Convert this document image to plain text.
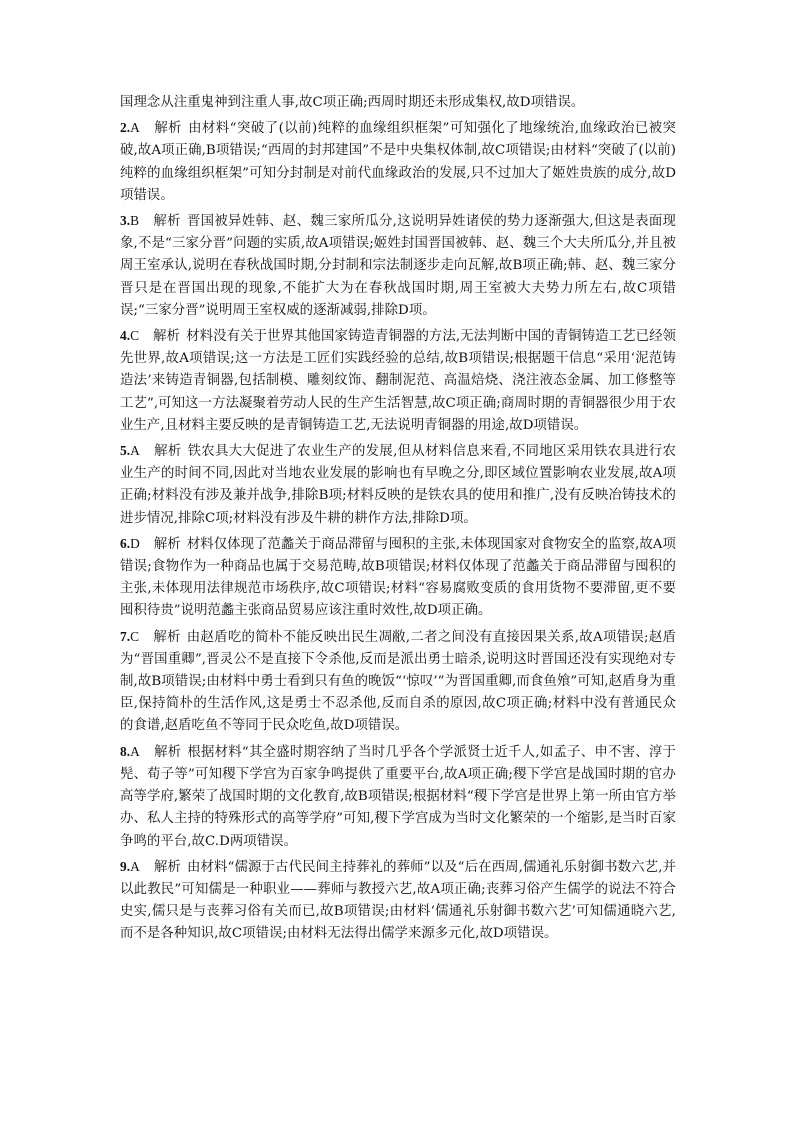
国理念从注重鬼神到注重人事,故C项正确;西周时期还未形成集权,故D项错误。

2.A 解析 由材料“突破了(以前)纯粹的血缘组织框架”可知强化了地缘统治,血缘政治已被突破,故A项正确,B项错误;“西周的封邦建国”不是中央集权体制,故C项错误;由材料“突破了(以前)纯粹的血缘组织框架”可知分封制是对前代血缘政治的发展,只不过加大了姬姓贵族的成分,故D项错误。

3.B 解析 晋国被异姓韩、赵、魏三家所瓜分,这说明异姓诸侯的势力逐渐强大,但这是表面现象,不是“三家分晋”问题的实质,故A项错误;姬姓封国晋国被韩、赵、魏三个大夫所瓜分,并且被周王室承认,说明在春秋战国时期,分封制和宗法制逐步走向瓦解,故B项正确;韩、赵、魏三家分晋只是在晋国出现的现象,不能扩大为在春秋战国时期,周王室被大夫势力所左右,故C项错误;“三家分晋”说明周王室权威的逐渐减弱,排除D项。

4.C 解析 材料没有关于世界其他国家铸造青铜器的方法,无法判断中国的青铜铸造工艺已经领先世界,故A项错误;这一方法是工匠们实践经验的总结,故B项错误;根据题干信息“采用‘泥范铸造法’来铸造青铜器,包括制模、雕刻纹饰、翻制泥范、高温焙烧、浇注液态金属、加工修整等工艺”,可知这一方法凝聚着劳动人民的生产生活智慧,故C项正确;商周时期的青铜器很少用于农业生产,且材料主要反映的是青铜铸造工艺,无法说明青铜器的用途,故D项错误。

5.A 解析 铁农具大大促进了农业生产的发展,但从材料信息来看,不同地区采用铁农具进行农业生产的时间不同,因此对当地农业发展的影响也有早晚之分,即区域位置影响农业发展,故A项正确;材料没有涉及兼并战争,排除B项;材料反映的是铁农具的使用和推广,没有反映冶铸技术的进步情况,排除C项;材料没有涉及牛耕的耕作方法,排除D项。

6.D 解析 材料仅体现了范蠡关于商品滞留与囤积的主张,未体现国家对食物安全的监察,故A项错误;食物作为一种商品也属于交易范畴,故B项错误;材料仅体现了范蠡关于商品滞留与囤积的主张,未体现用法律规范市场秩序,故C项错误;材料“容易腐败变质的食用货物不要滞留,更不要囤积待贵”说明范蠡主张商品贸易应该注重时效性,故D项正确。

7.C 解析 由赵盾吃的简朴不能反映出民生凋敝,二者之间没有直接因果关系,故A项错误;赵盾为“晋国重卿”,晋灵公不是直接下令杀他,反而是派出勇士暗杀,说明这时晋国还没有实现绝对专制,故B项错误;由材料中勇士看到只有鱼的晚饭“‘惊叹’”为晋国重卿,而食鱼飧”可知,赵盾身为重臣,保持简朴的生活作风,这是勇士不忍杀他,反而自杀的原因,故C项正确;材料中没有普通民众的食谱,赵盾吃鱼不等同于民众吃鱼,故D项错误。

8.A 解析 根据材料“其全盛时期容纳了当时几乎各个学派贤士近千人,如孟子、申不害、淳于髡、荀子等”可知稷下学宫为百家争鸣提供了重要平台,故A项正确;稷下学宫是战国时期的官办高等学府,繁荣了战国时期的文化教育,故B项错误;根据材料“稷下学宫是世界上第一所由官方举办、私人主持的特殊形式的高等学府”可知,稷下学宫成为当时文化繁荣的一个缩影,是当时百家争鸣的平台,故C.D两项错误。

9.A 解析 由材料“儒源于古代民间主持葬礼的葬师”以及“后在西周,儒通礼乐射御书数六艺,并以此教民”可知儒是一种职业——葬师与教授六艺,故A项正确;丧葬习俗产生儒学的说法不符合史实,儒只是与丧葬习俗有关而已,故B项错误;由材料‘儒通礼乐射御书数六艺’可知儒通晓六艺,而不是各种知识,故C项错误;由材料无法得出儒学来源多元化,故D项错误。
